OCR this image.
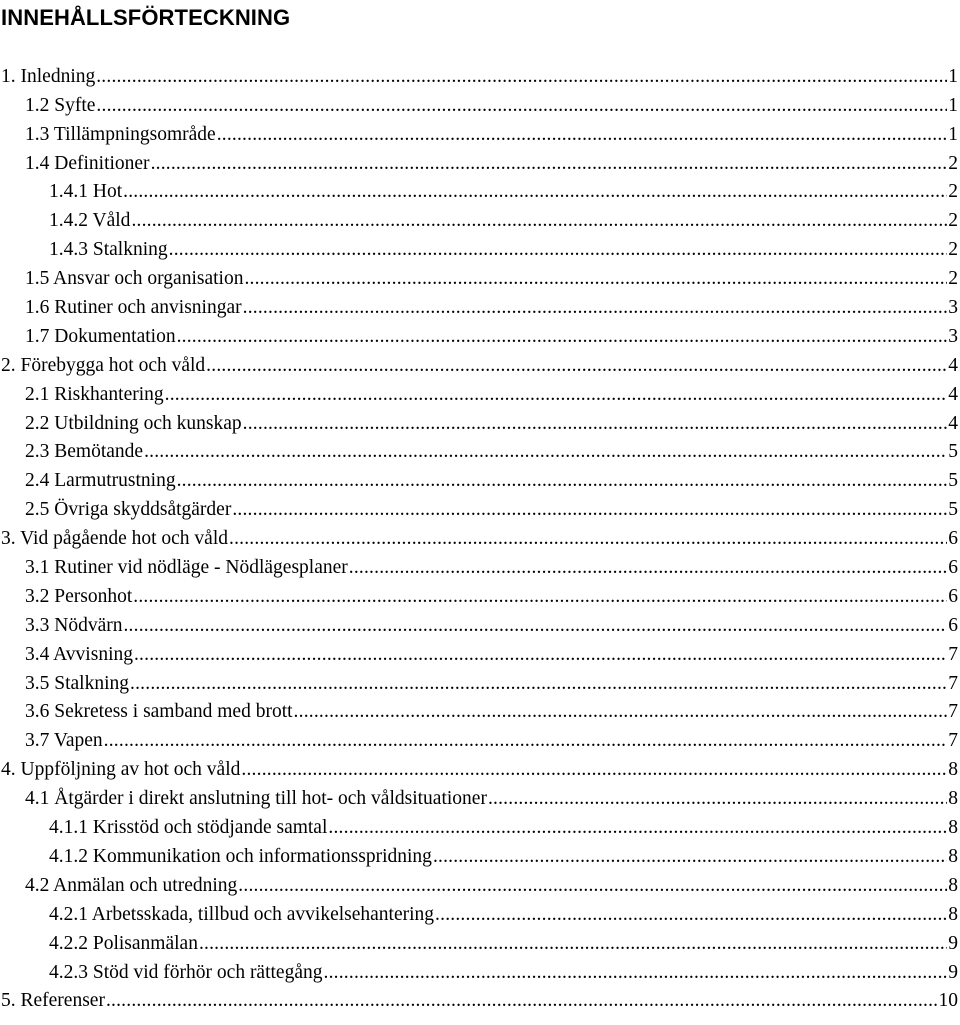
INNEHÅLLSFÖRTECKNING
1. Inledning .....	1
1.2 Syfte .....	1
1.3 Tillämpningsområde .....	1
1.4 Definitioner .....	2
1.4.1 Hot .....	2
1.4.2 Våld .....	2
1.4.3 Stalkning .....	2
1.5 Ansvar och organisation .....	2
1.6 Rutiner och anvisningar .....	3
1.7 Dokumentation .....	3
2. Förebygga hot och våld .....	4
2.1 Riskhantering .....	4
2.2 Utbildning och kunskap .....	4
2.3 Bemötande .....	5
2.4 Larmutrustning .....	5
2.5 Övriga skyddsåtgärder .....	5
3. Vid pågående hot och våld .....	6
3.1 Rutiner vid nödläge - Nödlägesplaner .....	6
3.2 Personhot .....	6
3.3 Nödvärn .....	6
3.4 Avvisning .....	7
3.5 Stalkning .....	7
3.6 Sekretess i samband med brott .....	7
3.7 Vapen .....	7
4. Uppföljning av hot och våld .....	8
4.1 Åtgärder i direkt anslutning till hot- och våldsituationer .....	8
4.1.1 Krisstöd och stödjande samtal .....	8
4.1.2 Kommunikation och informationsspridning .....	8
4.2 Anmälan och utredning .....	8
4.2.1 Arbetsskada, tillbud och avvikelsehantering .....	8
4.2.2 Polisanmälan .....	9
4.2.3 Stöd vid förhör och rättegång .....	9
5. Referenser .....	10
